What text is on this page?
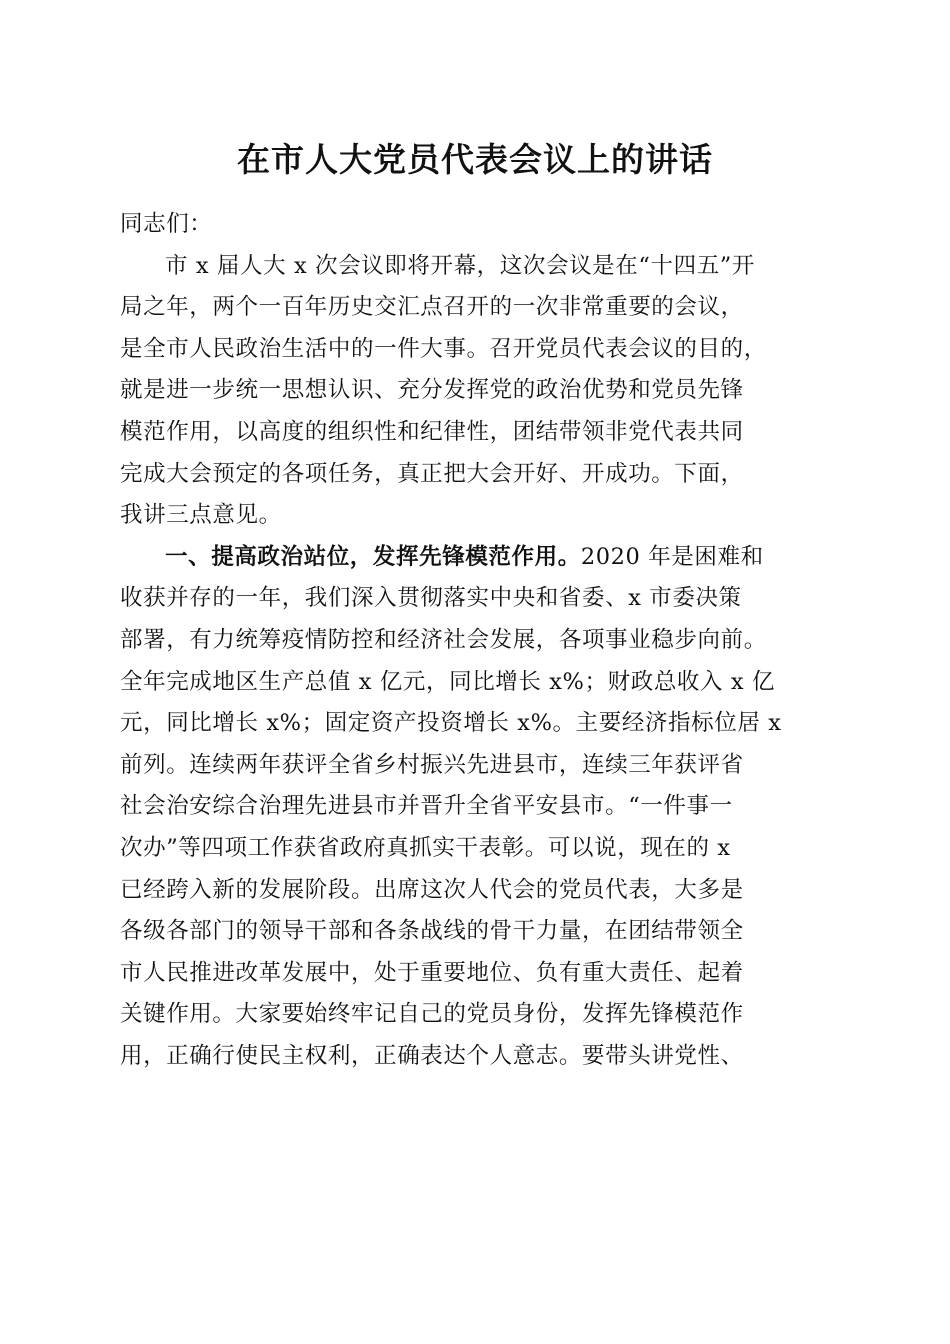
在市人大党员代表会议上的讲话
同志们：
市 x 届人大 x 次会议即将开幕，这次会议是在“十四五”开
局之年，两个一百年历史交汇点召开的一次非常重要的会议，
是全市人民政治生活中的一件大事。召开党员代表会议的目的，
就是进一步统一思想认识、充分发挥党的政治优势和党员先锋
模范作用，以高度的组织性和纪律性，团结带领非党代表共同
完成大会预定的各项任务，真正把大会开好、开成功。下面，
我讲三点意见。
一、提高政治站位，发挥先锋模范作用。2020 年是困难和
收获并存的一年，我们深入贯彻落实中央和省委、x 市委决策
部署，有力统筹疫情防控和经济社会发展，各项事业稳步向前。
全年完成地区生产总值 x 亿元，同比增长 x%；财政总收入 x 亿
元，同比增长 x%；固定资产投资增长 x%。主要经济指标位居 x
前列。连续两年获评全省乡村振兴先进县市，连续三年获评省
社会治安综合治理先进县市并晋升全省平安县市。“一件事一
次办”等四项工作获省政府真抓实干表彰。可以说，现在的 x
已经跨入新的发展阶段。出席这次人代会的党员代表，大多是
各级各部门的领导干部和各条战线的骨干力量，在团结带领全
市人民推进改革发展中，处于重要地位、负有重大责任、起着
关键作用。大家要始终牢记自己的党员身份，发挥先锋模范作
用，正确行使民主权利，正确表达个人意志。要带头讲党性、
